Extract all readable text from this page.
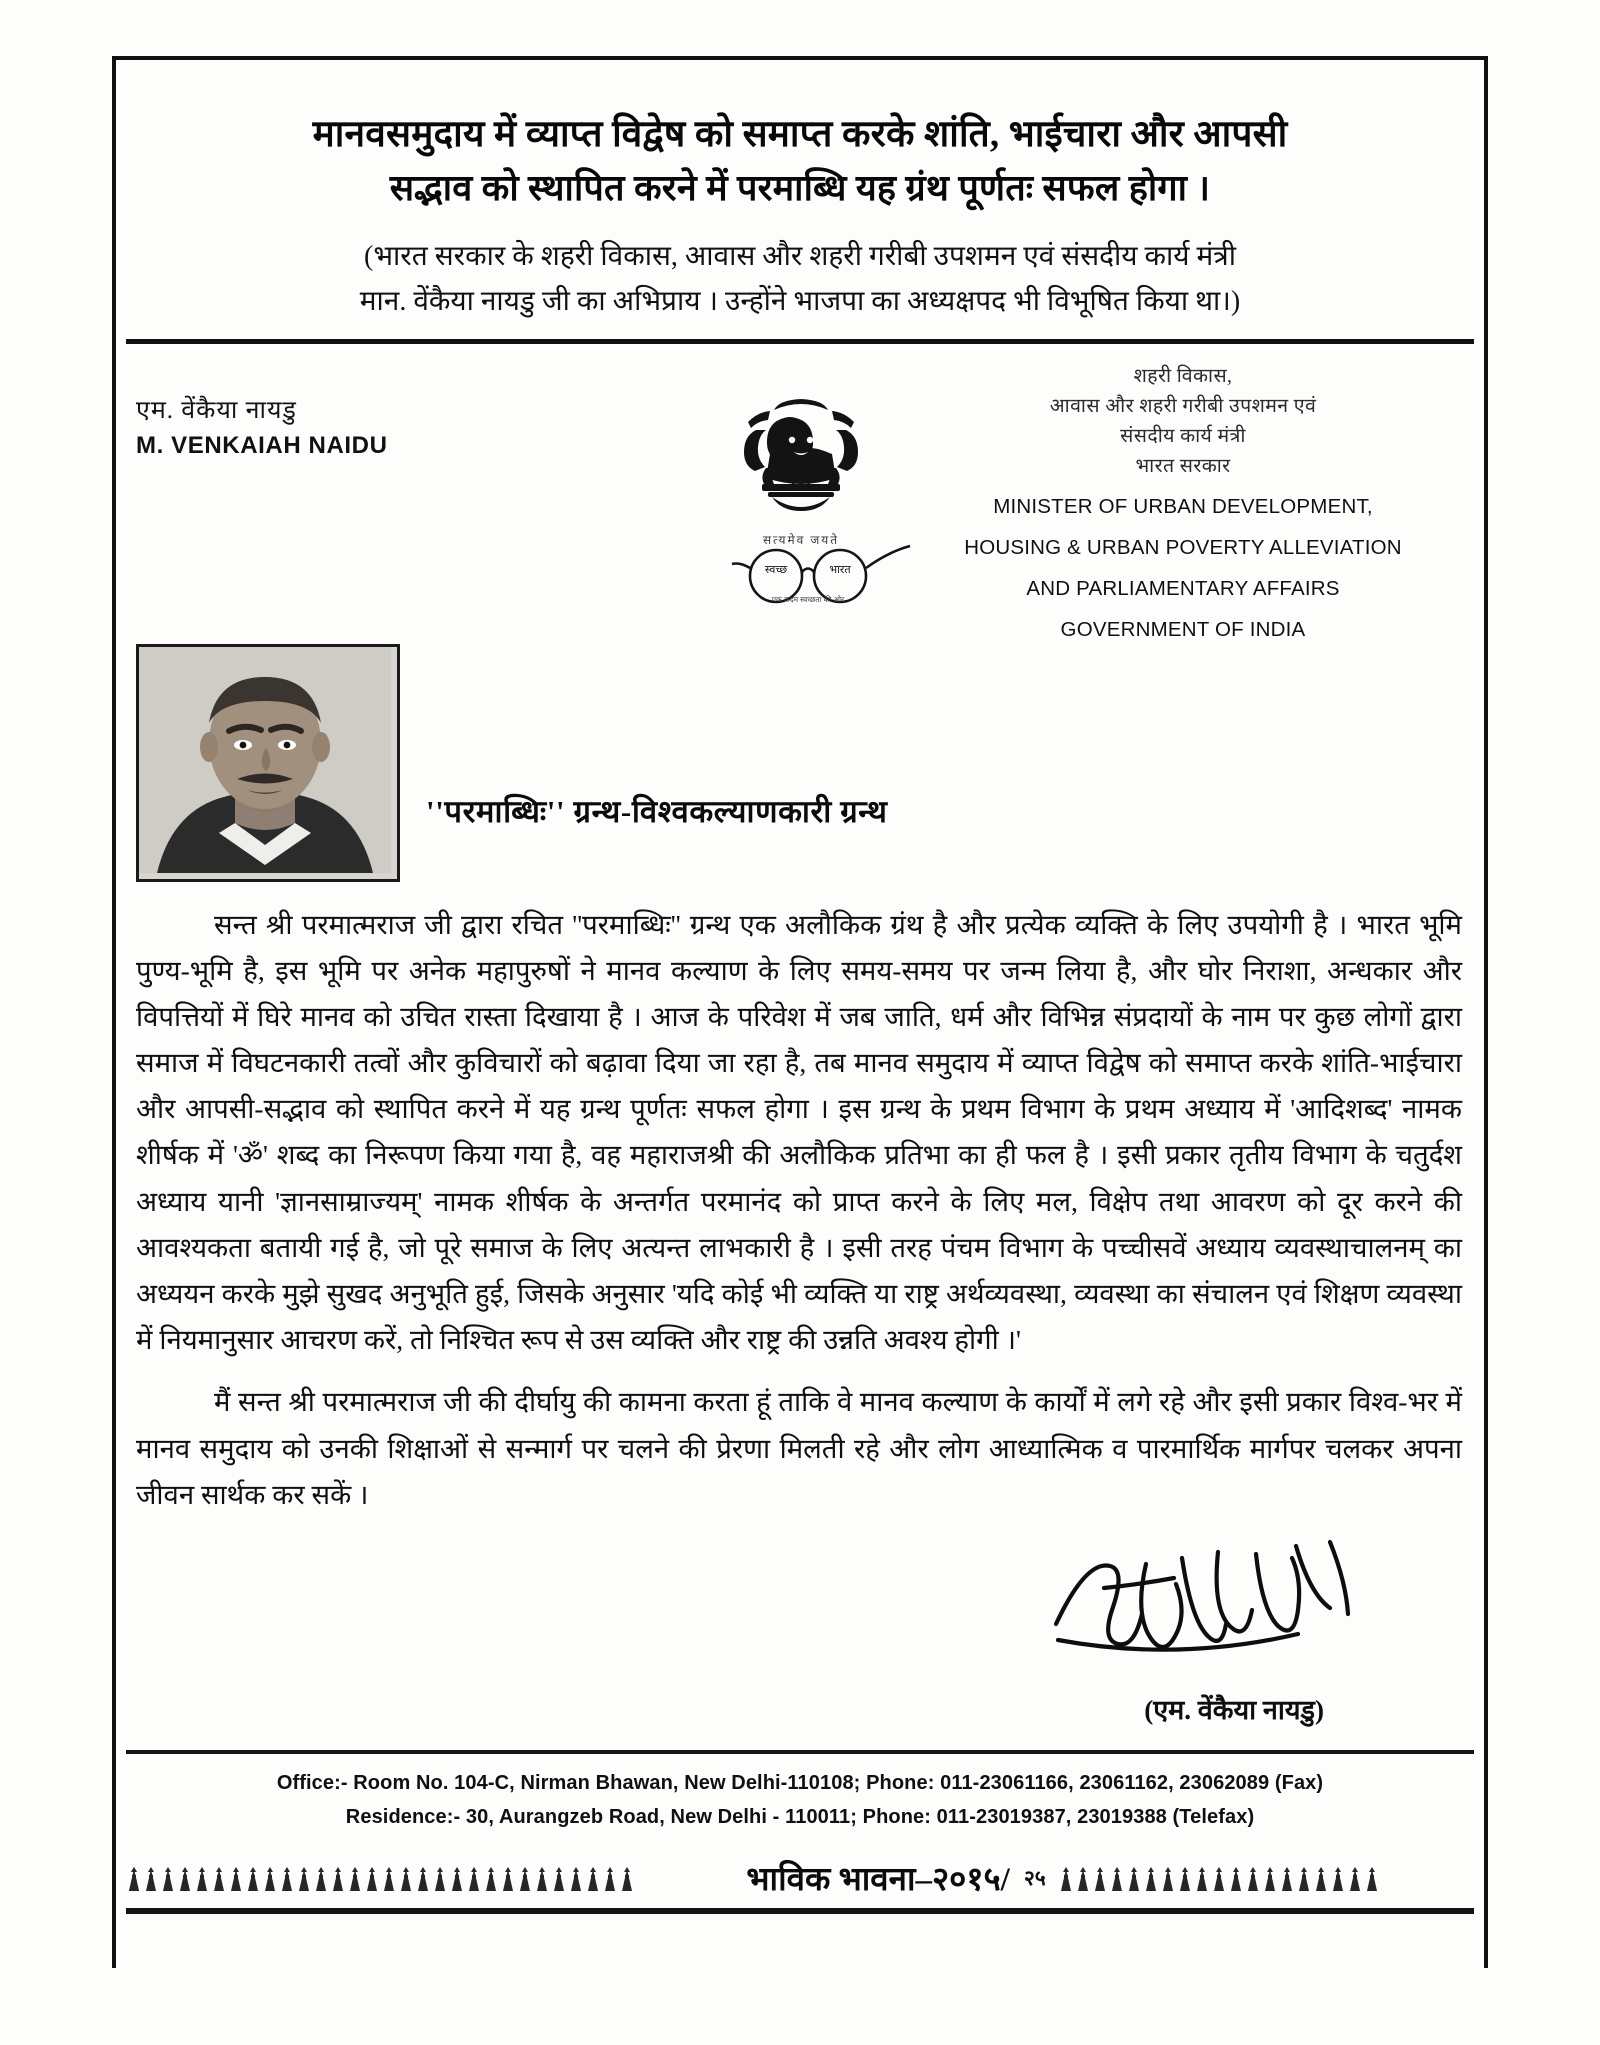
मानवसमुदाय में व्याप्त विद्वेष को समाप्त करके शांति, भाईचारा और आपसी
सद्भाव को स्थापित करने में परमाब्धि यह ग्रंथ पूर्णतः सफल होगा ।
(भारत सरकार के शहरी विकास, आवास और शहरी गरीबी उपशमन एवं संसदीय कार्य मंत्री
मान. वेंकैया नायडु जी का अभिप्राय । उन्होंने भाजपा का अध्यक्षपद भी विभूषित किया था।)
एम. वेंकैया नायडु
M. VENKAIAH NAIDU
सत्यमेव जयते
शहरी विकास,
आवास और शहरी गरीबी उपशमन एवं
संसदीय कार्य मंत्री
भारत सरकार
MINISTER OF URBAN DEVELOPMENT,
HOUSING & URBAN POVERTY ALLEVIATION
AND PARLIAMENTARY AFFAIRS
GOVERNMENT OF INDIA
स्वच्छ	भारत
एक कदम स्वच्छता की ओर
''परमाब्धिः'' ग्रन्थ-विश्वकल्याणकारी ग्रन्थ

सन्त श्री परमात्मराज जी द्वारा रचित ''परमाब्धिः'' ग्रन्थ एक अलौकिक ग्रंथ है और प्रत्येक व्यक्ति के लिए उपयोगी है । भारत भूमि पुण्य-भूमि है, इस भूमि पर अनेक महापुरुषों ने मानव कल्याण के लिए समय-समय पर जन्म लिया है, और घोर निराशा, अन्धकार और विपत्तियों में घिरे मानव को उचित रास्ता दिखाया है । आज के परिवेश में जब जाति, धर्म और विभिन्न संप्रदायों के नाम पर कुछ लोगों द्वारा समाज में विघटनकारी तत्वों और कुविचारों को बढ़ावा दिया जा रहा है, तब मानव समुदाय में व्याप्त विद्वेष को समाप्त करके शांति-भाईचारा और आपसी-सद्भाव को स्थापित करने में यह ग्रन्थ पूर्णतः सफल होगा । इस ग्रन्थ के प्रथम विभाग के प्रथम अध्याय में 'आदिशब्द' नामक शीर्षक में 'ॐ' शब्द का निरूपण किया गया है, वह महाराजश्री की अलौकिक प्रतिभा का ही फल है । इसी प्रकार तृतीय विभाग के चतुर्दश अध्याय यानी 'ज्ञानसाम्राज्यम्' नामक शीर्षक के अन्तर्गत परमानंद को प्राप्त करने के लिए मल, विक्षेप तथा आवरण को दूर करने की आवश्यकता बतायी गई है, जो पूरे समाज के लिए अत्यन्त लाभकारी है । इसी तरह पंचम विभाग के पच्चीसवें अध्याय व्यवस्थाचालनम् का अध्ययन करके मुझे सुखद अनुभूति हुई, जिसके अनुसार 'यदि कोई भी व्यक्ति या राष्ट्र अर्थव्यवस्था, व्यवस्था का संचालन एवं शिक्षण व्यवस्था में नियमानुसार आचरण करें, तो निश्चित रूप से उस व्यक्ति और राष्ट्र की उन्नति अवश्य होगी ।'

मैं सन्त श्री परमात्मराज जी की दीर्घायु की कामना करता हूं ताकि वे मानव कल्याण के कार्यों में लगे रहे और इसी प्रकार विश्व-भर में मानव समुदाय को उनकी शिक्षाओं से सन्मार्ग पर चलने की प्रेरणा मिलती रहे और लोग आध्यात्मिक व पारमार्थिक मार्गपर चलकर अपना जीवन सार्थक कर सकें ।

(एम. वेंकैया नायडु)
Office:- Room No. 104-C, Nirman Bhawan, New Delhi-110108; Phone: 011-23061166, 23061162, 23062089 (Fax)
Residence:- 30, Aurangzeb Road, New Delhi - 110011; Phone: 011-23019387, 23019388 (Telefax)
भाविक भावना–२०१५/ २५
